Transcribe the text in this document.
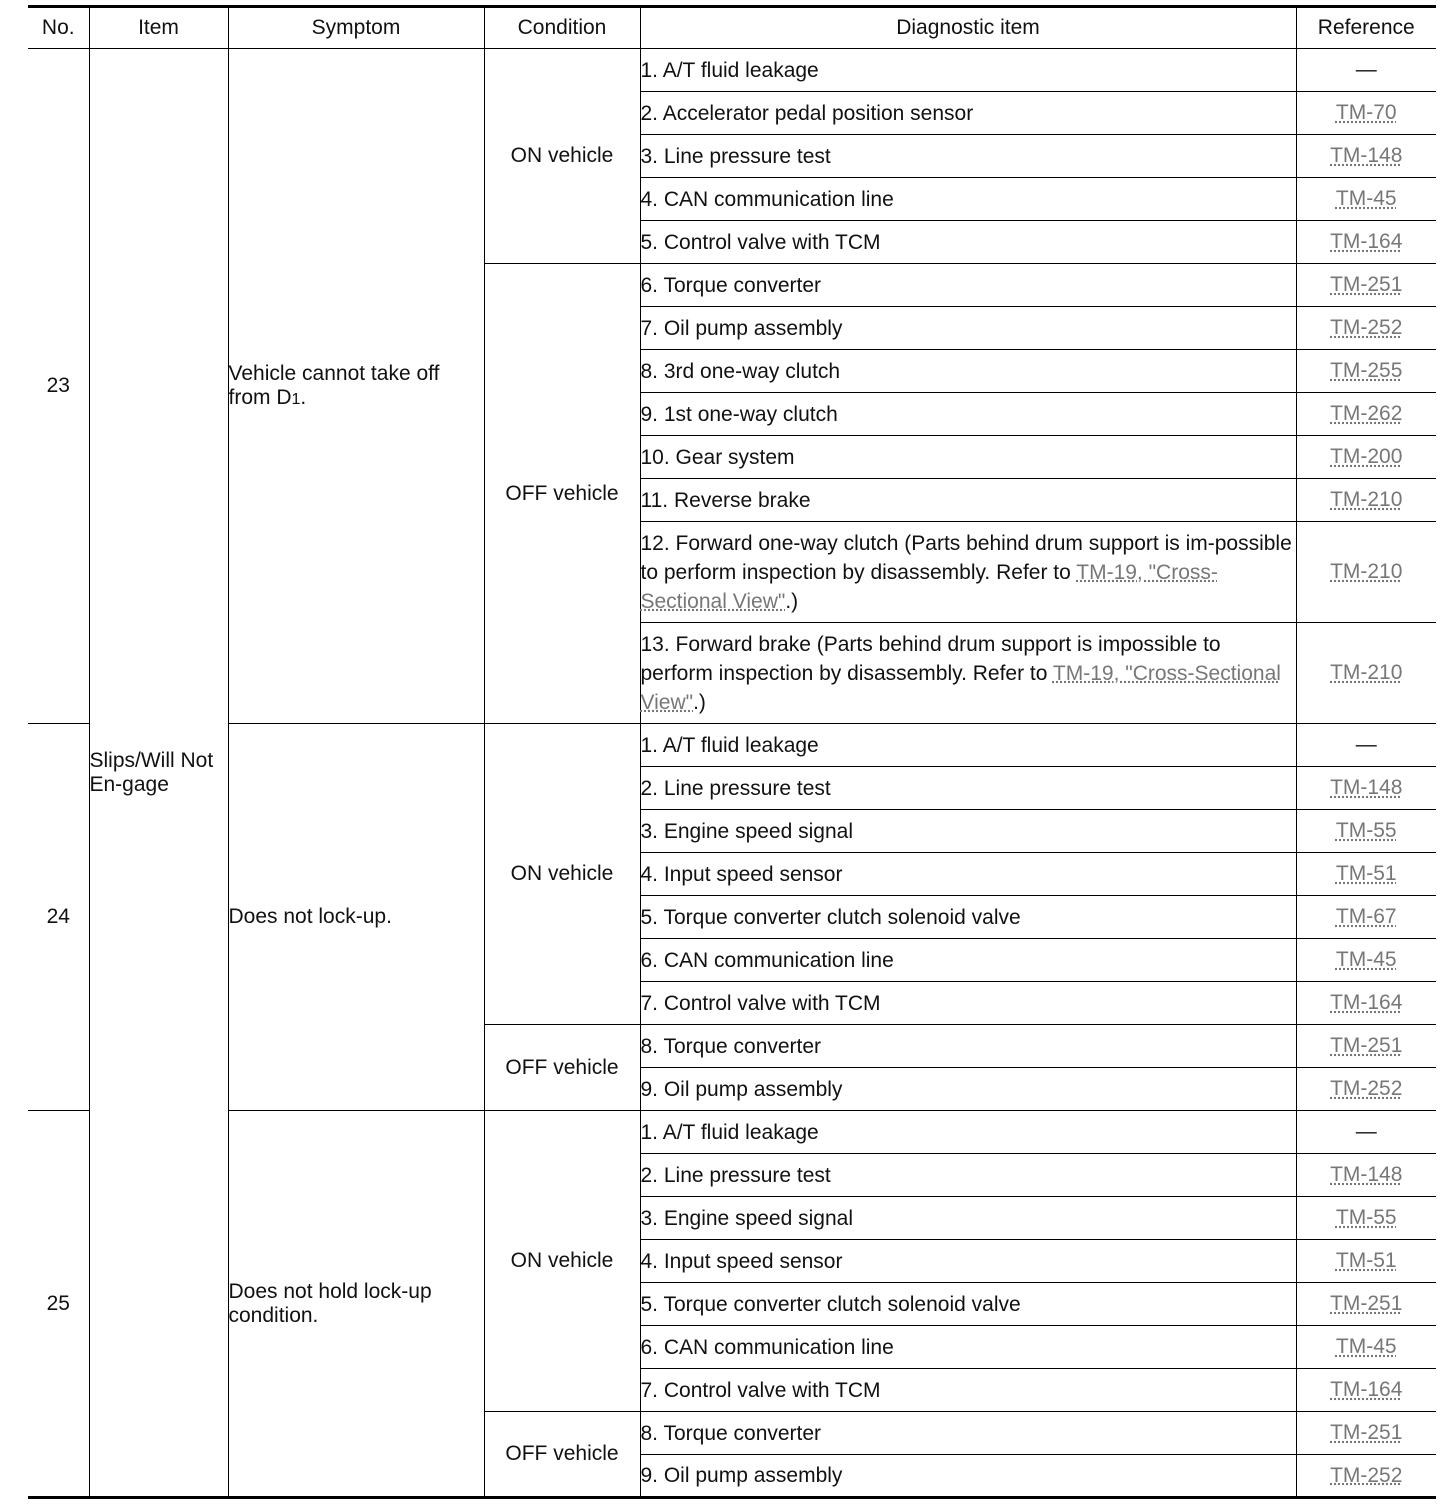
No.	Item	Symptom	Condition	Diagnostic item	Reference
23	Slips/Will Not En-gage	Vehicle cannot take off from D1.	ON vehicle	1. A/T fluid leakage	—
				2. Accelerator pedal position sensor	TM-70
				3. Line pressure test	TM-148
				4. CAN communication line	TM-45
				5. Control valve with TCM	TM-164
			OFF vehicle	6. Torque converter	TM-251
				7. Oil pump assembly	TM-252
				8. 3rd one-way clutch	TM-255
				9. 1st one-way clutch	TM-262
				10. Gear system	TM-200
				11. Reverse brake	TM-210
				12. Forward one-way clutch (Parts behind drum support is im-possible to perform inspection by disassembly. Refer to TM-19, "Cross-Sectional View".)	TM-210
				13. Forward brake (Parts behind drum support is impossible to perform inspection by disassembly. Refer to TM-19, "Cross-Sectional View".)	TM-210
24		Does not lock-up.	ON vehicle	1. A/T fluid leakage	—
				2. Line pressure test	TM-148
				3. Engine speed signal	TM-55
				4. Input speed sensor	TM-51
				5. Torque converter clutch solenoid valve	TM-67
				6. CAN communication line	TM-45
				7. Control valve with TCM	TM-164
			OFF vehicle	8. Torque converter	TM-251
				9. Oil pump assembly	TM-252
25		Does not hold lock-up condition.	ON vehicle	1. A/T fluid leakage	—
				2. Line pressure test	TM-148
				3. Engine speed signal	TM-55
				4. Input speed sensor	TM-51
				5. Torque converter clutch solenoid valve	TM-251
				6. CAN communication line	TM-45
				7. Control valve with TCM	TM-164
			OFF vehicle	8. Torque converter	TM-251
				9. Oil pump assembly	TM-252
